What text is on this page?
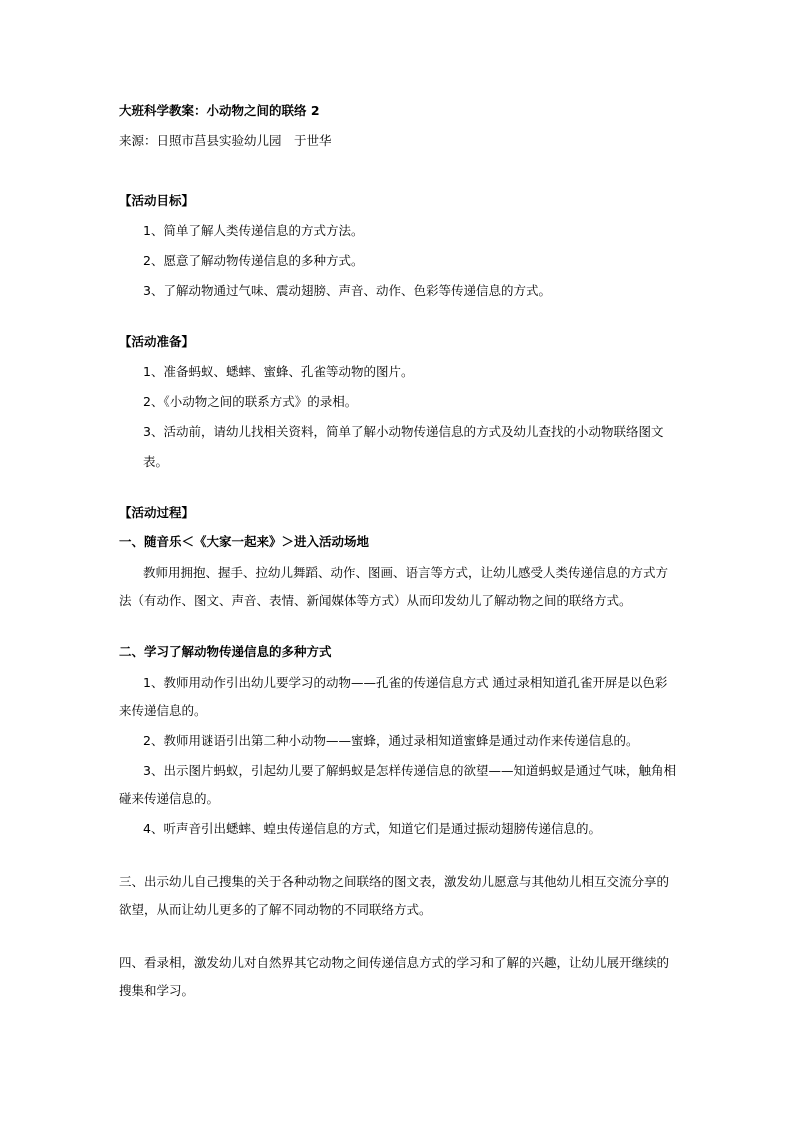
大班科学教案：小动物之间的联络 2

来源：日照市莒县实验幼儿园　于世华

【活动目标】

1、简单了解人类传递信息的方式方法。

2、愿意了解动物传递信息的多种方式。

3、了解动物通过气味、震动翅膀、声音、动作、色彩等传递信息的方式。

【活动准备】

1、准备蚂蚁、蟋蟀、蜜蜂、孔雀等动物的图片。

2、《小动物之间的联系方式》的录相。

3、活动前，请幼儿找相关资料，简单了解小动物传递信息的方式及幼儿查找的小动物联络图文表。

【活动过程】

一、随音乐＜《大家一起来》＞进入活动场地

教师用拥抱、握手、拉幼儿舞蹈、动作、图画、语言等方式，让幼儿感受人类传递信息的方式方法（有动作、图文、声音、表情、新闻媒体等方式）从而印发幼儿了解动物之间的联络方式。

二、学习了解动物传递信息的多种方式

1、教师用动作引出幼儿要学习的动物——孔雀的传递信息方式 通过录相知道孔雀开屏是以色彩来传递信息的。

2、教师用谜语引出第二种小动物——蜜蜂，通过录相知道蜜蜂是通过动作来传递信息的。

3、出示图片蚂蚁，引起幼儿要了解蚂蚁是怎样传递信息的欲望——知道蚂蚁是通过气味，触角相碰来传递信息的。

4、听声音引出蟋蟀、蝗虫传递信息的方式，知道它们是通过振动翅膀传递信息的。

三、出示幼儿自己搜集的关于各种动物之间联络的图文表，激发幼儿愿意与其他幼儿相互交流分享的欲望，从而让幼儿更多的了解不同动物的不同联络方式。

四、看录相，激发幼儿对自然界其它动物之间传递信息方式的学习和了解的兴趣，让幼儿展开继续的搜集和学习。
